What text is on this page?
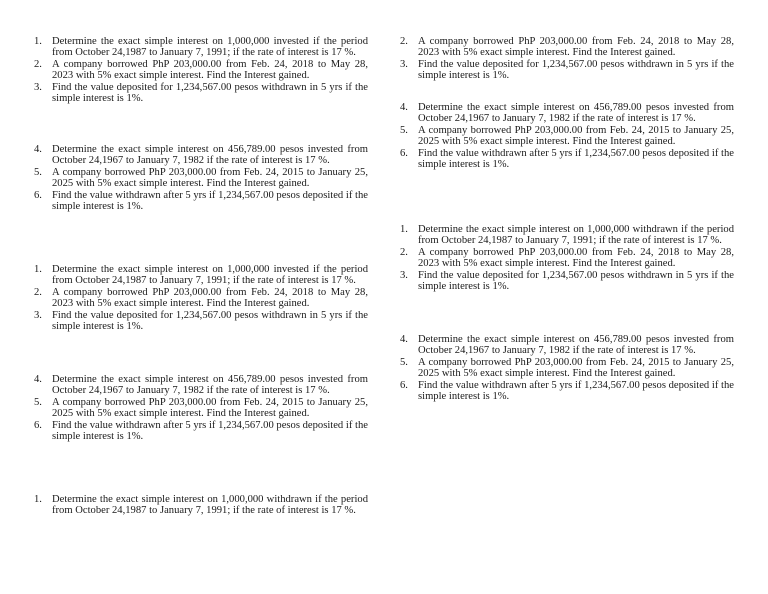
1. Determine the exact simple interest on 1,000,000 invested if the period from October 24,1987 to January 7, 1991; if the rate of interest is 17 %.
2. A company borrowed PhP 203,000.00 from Feb. 24, 2018 to May 28, 2023 with 5% exact simple interest. Find the Interest gained.
3. Find the value deposited for 1,234,567.00 pesos withdrawn in 5 yrs if the simple interest is 1%.
4. Determine the exact simple interest on 456,789.00 pesos invested from October 24,1967 to January 7, 1982 if the rate of interest is 17 %.
5. A company borrowed PhP 203,000.00 from Feb. 24, 2015 to January 25, 2025 with 5% exact simple interest. Find the Interest gained.
6. Find the value withdrawn after 5 yrs if 1,234,567.00 pesos deposited if the simple interest is 1%.
1. Determine the exact simple interest on 1,000,000 invested if the period from October 24,1987 to January 7, 1991; if the rate of interest is 17 %.
2. A company borrowed PhP 203,000.00 from Feb. 24, 2018 to May 28, 2023 with 5% exact simple interest. Find the Interest gained.
3. Find the value deposited for 1,234,567.00 pesos withdrawn in 5 yrs if the simple interest is 1%.
4. Determine the exact simple interest on 456,789.00 pesos invested from October 24,1967 to January 7, 1982 if the rate of interest is 17 %.
5. A company borrowed PhP 203,000.00 from Feb. 24, 2015 to January 25, 2025 with 5% exact simple interest. Find the Interest gained.
6. Find the value withdrawn after 5 yrs if 1,234,567.00 pesos deposited if the simple interest is 1%.
1. Determine the exact simple interest on 1,000,000 withdrawn if the period from October 24,1987 to January 7, 1991; if the rate of interest is 17 %.
2. A company borrowed PhP 203,000.00 from Feb. 24, 2018 to May 28, 2023 with 5% exact simple interest. Find the Interest gained.
3. Find the value deposited for 1,234,567.00 pesos withdrawn in 5 yrs if the simple interest is 1%.
4. Determine the exact simple interest on 456,789.00 pesos invested from October 24,1967 to January 7, 1982 if the rate of interest is 17 %.
5. A company borrowed PhP 203,000.00 from Feb. 24, 2015 to January 25, 2025 with 5% exact simple interest. Find the Interest gained.
6. Find the value withdrawn after 5 yrs if 1,234,567.00 pesos deposited if the simple interest is 1%.
1. Determine the exact simple interest on 1,000,000 withdrawn if the period from October 24,1987 to January 7, 1991; if the rate of interest is 17 %.
2. A company borrowed PhP 203,000.00 from Feb. 24, 2018 to May 28, 2023 with 5% exact simple interest. Find the Interest gained.
3. Find the value deposited for 1,234,567.00 pesos withdrawn in 5 yrs if the simple interest is 1%.
4. Determine the exact simple interest on 456,789.00 pesos invested from October 24,1967 to January 7, 1982 if the rate of interest is 17 %.
5. A company borrowed PhP 203,000.00 from Feb. 24, 2015 to January 25, 2025 with 5% exact simple interest. Find the Interest gained.
6. Find the value withdrawn after 5 yrs if 1,234,567.00 pesos deposited if the simple interest is 1%.
